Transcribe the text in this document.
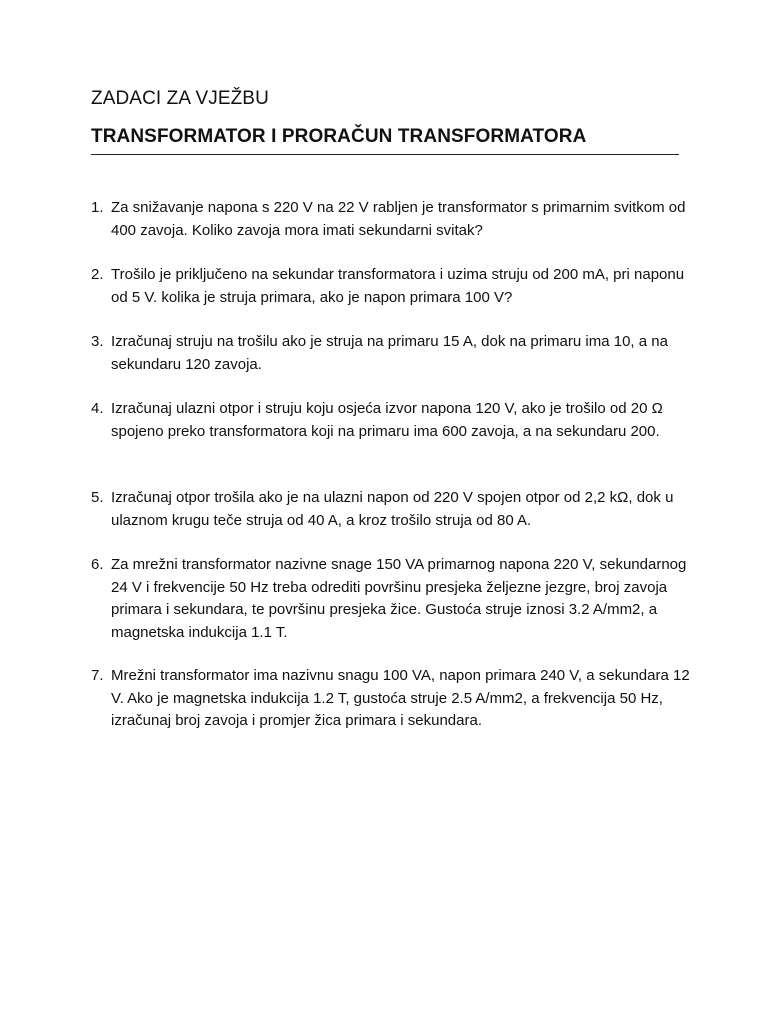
ZADACI ZA VJEŽBU
TRANSFORMATOR I PRORAČUN TRANSFORMATORA
1. Za snižavanje napona s 220 V na 22 V rabljen je transformator s primarnim svitkom od 400 zavoja. Koliko zavoja mora imati sekundarni svitak?
2. Trošilo je priključeno na sekundar transformatora i uzima struju od 200 mA, pri naponu od 5 V. kolika je struja primara, ako je napon primara 100 V?
3. Izračunaj struju na trošilu ako je struja na primaru 15 A, dok na primaru ima 10, a na sekundaru 120 zavoja.
4. Izračunaj ulazni otpor i struju koju osjeća izvor napona 120 V, ako je trošilo od 20 Ω spojeno preko transformatora koji na primaru ima 600 zavoja, a na sekundaru 200.
5. Izračunaj otpor trošila ako je na ulazni napon od 220 V spojen otpor od 2,2 kΩ, dok u ulaznom krugu teče struja od 40 A, a kroz trošilo struja od 80 A.
6. Za mrežni transformator nazivne snage 150 VA primarnog napona 220 V, sekundarnog 24 V i frekvencije 50 Hz treba odrediti površinu presjeka željezne jezgre, broj zavoja primara i sekundara, te površinu presjeka žice. Gustoća struje iznosi 3.2 A/mm2, a magnetska indukcija 1.1 T.
7. Mrežni transformator ima nazivnu snagu 100 VA, napon primara 240 V, a sekundara 12 V. Ako je magnetska indukcija 1.2 T, gustoća struje 2.5 A/mm2, a frekvencija 50 Hz, izračunaj broj zavoja i promjer žica primara i sekundara.
